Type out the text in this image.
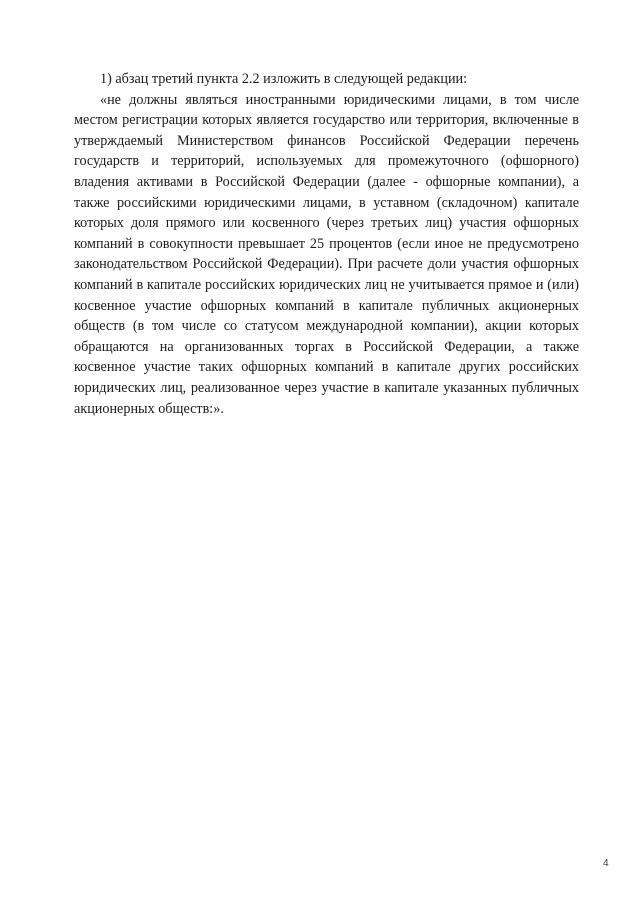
1) абзац третий пункта 2.2 изложить в следующей редакции:

«не должны являться иностранными юридическими лицами, в том числе местом регистрации которых является государство или территория, включенные в утверждаемый Министерством финансов Российской Федерации перечень государств и территорий, используемых для промежуточного (офшорного) владения активами в Российской Федерации (далее - офшорные компании), а также российскими юридическими лицами, в уставном (складочном) капитале которых доля прямого или косвенного (через третьих лиц) участия офшорных компаний в совокупности превышает 25 процентов (если иное не предусмотрено законодательством Российской Федерации). При расчете доли участия офшорных компаний в капитале российских юридических лиц не учитывается прямое и (или) косвенное участие офшорных компаний в капитале публичных акционерных обществ (в том числе со статусом международной компании), акции которых обращаются на организованных торгах в Российской Федерации, а также косвенное участие таких офшорных компаний в капитале других российских юридических лиц, реализованное через участие в капитале указанных публичных акционерных обществ:».

4
